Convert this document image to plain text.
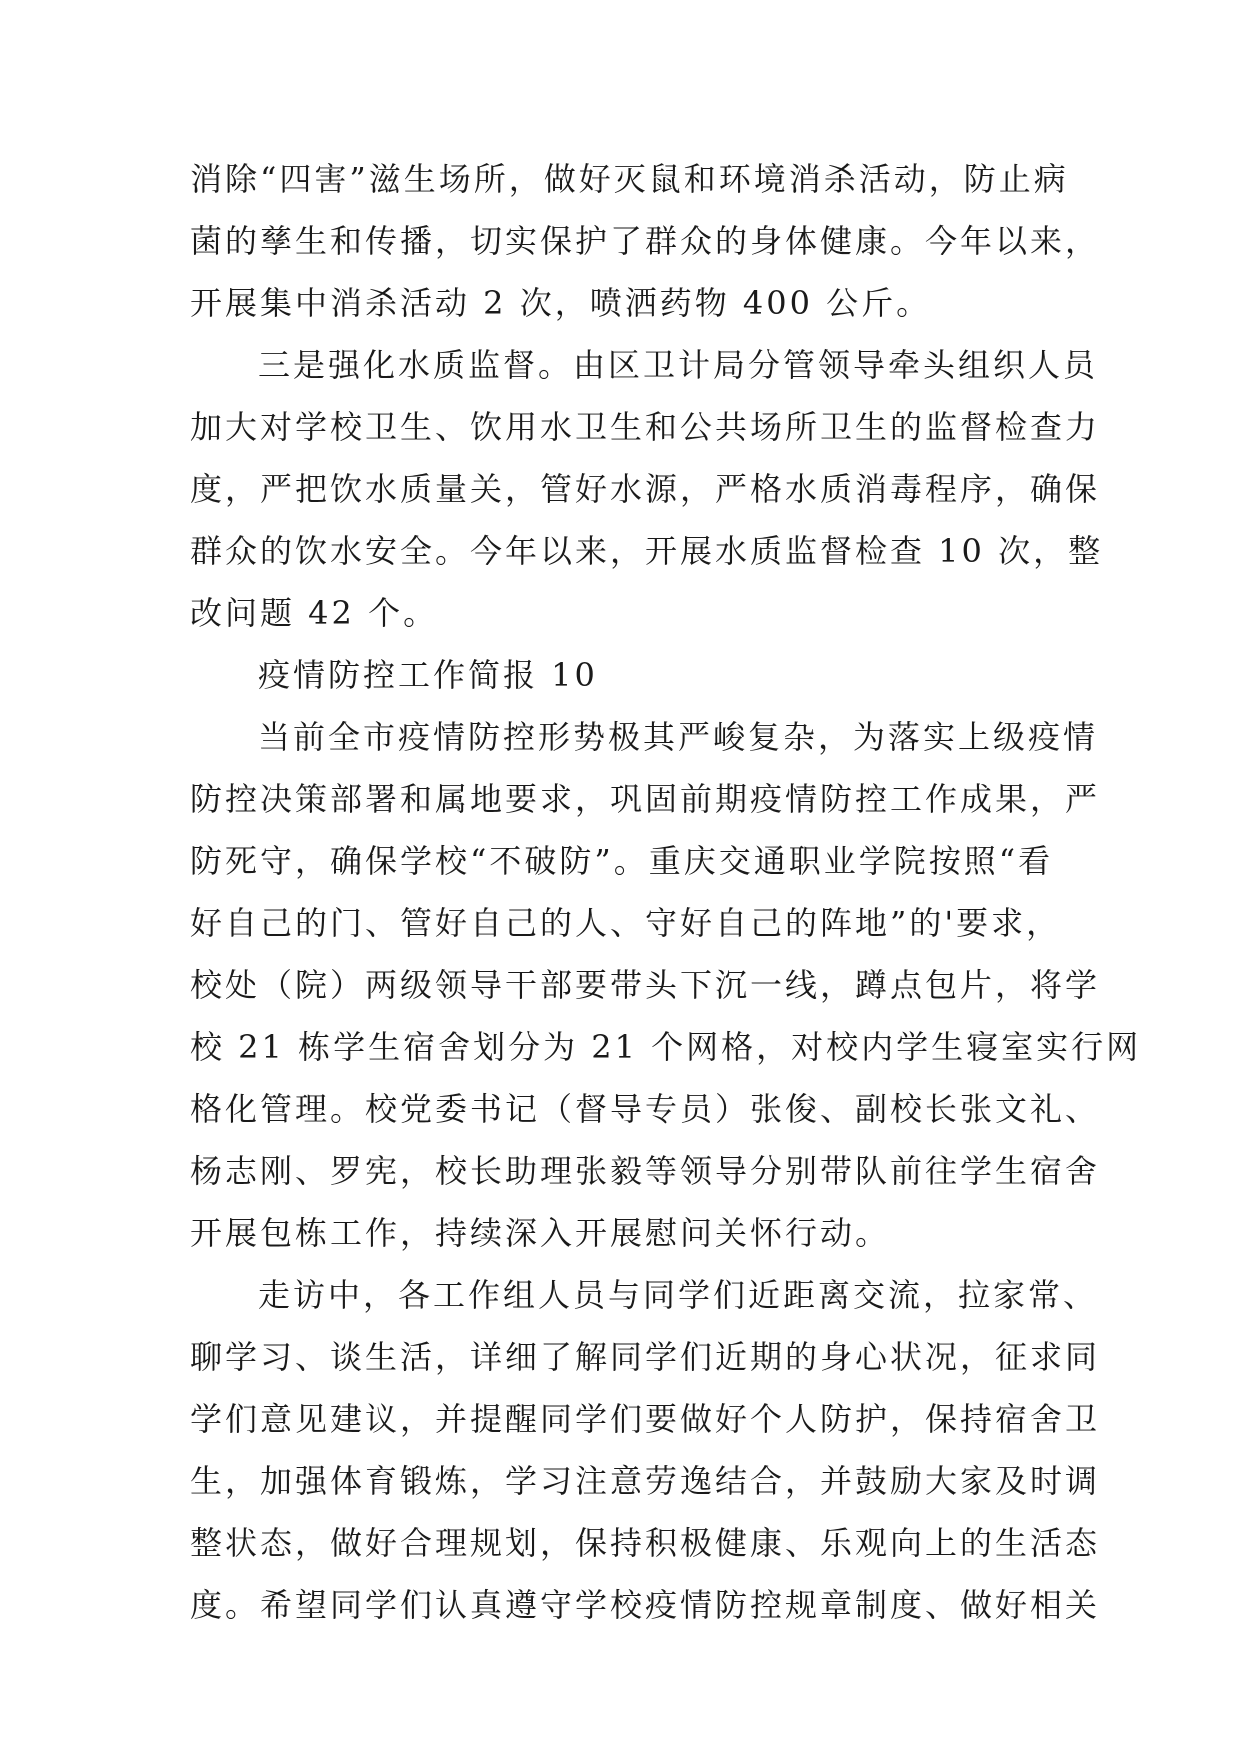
消除“四害”滋生场所，做好灭鼠和环境消杀活动，防止病
菌的孳生和传播，切实保护了群众的身体健康。今年以来，
开展集中消杀活动 2 次，喷洒药物 400 公斤。
三是强化水质监督。由区卫计局分管领导牵头组织人员
加大对学校卫生、饮用水卫生和公共场所卫生的监督检查力
度，严把饮水质量关，管好水源，严格水质消毒程序，确保
群众的饮水安全。今年以来，开展水质监督检查 10 次，整
改问题 42 个。
疫情防控工作简报 10
当前全市疫情防控形势极其严峻复杂，为落实上级疫情
防控决策部署和属地要求，巩固前期疫情防控工作成果，严
防死守，确保学校“不破防”。重庆交通职业学院按照“看
好自己的门、管好自己的人、守好自己的阵地”的'要求，
校处（院）两级领导干部要带头下沉一线，蹲点包片，将学
校 21 栋学生宿舍划分为 21 个网格，对校内学生寝室实行网
格化管理。校党委书记（督导专员）张俊、副校长张文礼、
杨志刚、罗宪，校长助理张毅等领导分别带队前往学生宿舍
开展包栋工作，持续深入开展慰问关怀行动。
走访中，各工作组人员与同学们近距离交流，拉家常、
聊学习、谈生活，详细了解同学们近期的身心状况，征求同
学们意见建议，并提醒同学们要做好个人防护，保持宿舍卫
生，加强体育锻炼，学习注意劳逸结合，并鼓励大家及时调
整状态，做好合理规划，保持积极健康、乐观向上的生活态
度。希望同学们认真遵守学校疫情防控规章制度、做好相关
